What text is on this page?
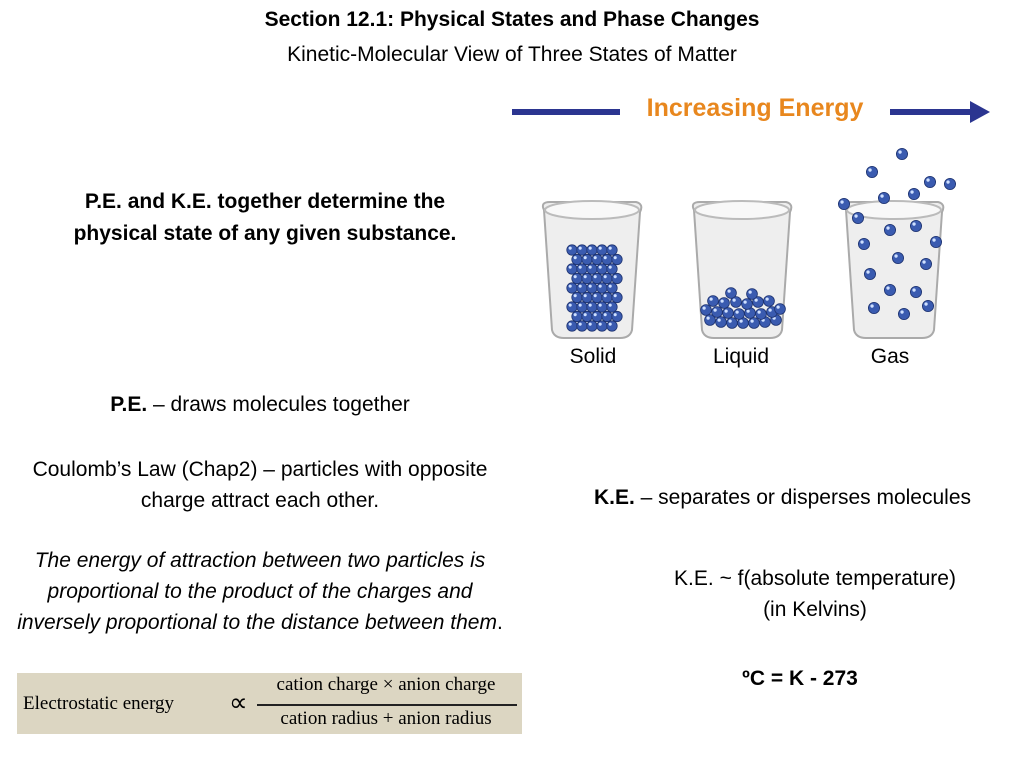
Section 12.1: Physical States and Phase Changes
Kinetic-Molecular View of Three States of Matter
Increasing Energy
P.E. and K.E. together determine the physical state of any given substance.
Solid	Liquid	Gas
P.E. – draws molecules together
Coulomb’s Law (Chap2) – particles with opposite charge attract each other.
The energy of attraction between two particles is proportional to the product of the charges and inversely proportional to the distance between them.
Electrostatic energy ∝
cation charge × anion charge
cation radius + anion radius
K.E. – separates or disperses molecules
K.E. ~ f(absolute temperature)
(in Kelvins)
ºC = K - 273
